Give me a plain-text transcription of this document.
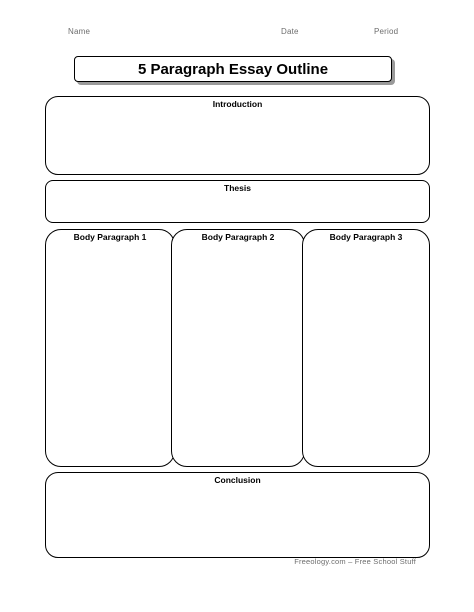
Name	Date	Period
5 Paragraph Essay Outline
Introduction
Thesis
Body Paragraph 1	Body Paragraph 2	Body Paragraph 3
Conclusion
Freeology.com – Free School Stuff
